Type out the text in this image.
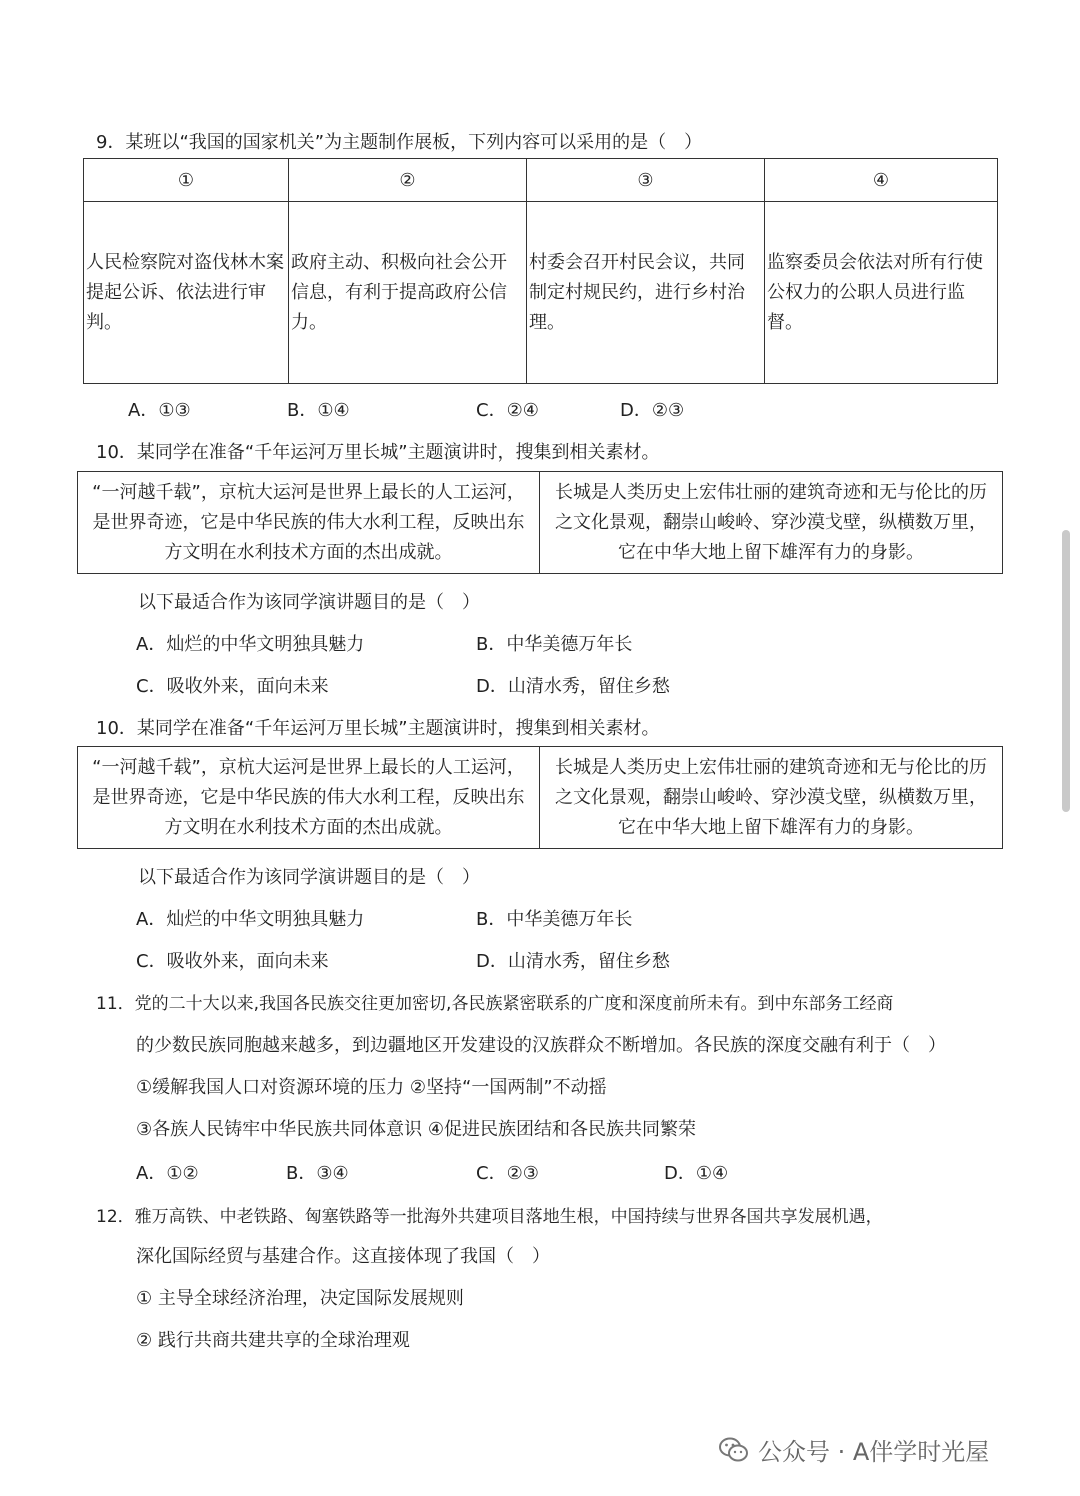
9．某班以“我国的国家机关”为主题制作展板，下列内容可以采用的是（　）
①	②	③	④
人民检察院对盗伐林木案提起公诉、依法进行审判。	政府主动、积极向社会公开信息，有利于提高政府公信力。	村委会召开村民会议，共同制定村规民约，进行乡村治理。	监察委员会依法对所有行使公权力的公职人员进行监督。
A．①③	B．①④	C．②④	D．②③
10．某同学在准备“千年运河万里长城”主题演讲时，搜集到相关素材。
“一河越千载”，京杭大运河是世界上最长的人工运河，是世界奇迹，它是中华民族的伟大水利工程，反映出东方文明在水利技术方面的杰出成就。	长城是人类历史上宏伟壮丽的建筑奇迹和无与伦比的历之文化景观，翻崇山峻岭、穿沙漠戈壁，纵横数万里，它在中华大地上留下雄浑有力的身影。
以下最适合作为该同学演讲题目的是（　）
A．灿烂的中华文明独具魅力	B．中华美德万年长
C．吸收外来，面向未来	D．山清水秀，留住乡愁
10．某同学在准备“千年运河万里长城”主题演讲时，搜集到相关素材。
“一河越千载”，京杭大运河是世界上最长的人工运河，是世界奇迹，它是中华民族的伟大水利工程，反映出东方文明在水利技术方面的杰出成就。	长城是人类历史上宏伟壮丽的建筑奇迹和无与伦比的历之文化景观，翻崇山峻岭、穿沙漠戈壁，纵横数万里，它在中华大地上留下雄浑有力的身影。
以下最适合作为该同学演讲题目的是（　）
A．灿烂的中华文明独具魅力	B．中华美德万年长
C．吸收外来，面向未来	D．山清水秀，留住乡愁
11．党的二十大以来,我国各民族交往更加密切,各民族紧密联系的广度和深度前所未有。到中东部务工经商
的少数民族同胞越来越多，到边疆地区开发建设的汉族群众不断增加。各民族的深度交融有利于（　）
①缓解我国人口对资源环境的压力 ②坚持“一国两制”不动摇
③各族人民铸牢中华民族共同体意识 ④促进民族团结和各民族共同繁荣
A．①②	B．③④	C．②③	D．①④
12．雅万高铁、中老铁路、匈塞铁路等一批海外共建项目落地生根，中国持续与世界各国共享发展机遇，
深化国际经贸与基建合作。这直接体现了我国（　）
① 主导全球经济治理，决定国际发展规则
② 践行共商共建共享的全球治理观
公众号 · A伴学时光屋
